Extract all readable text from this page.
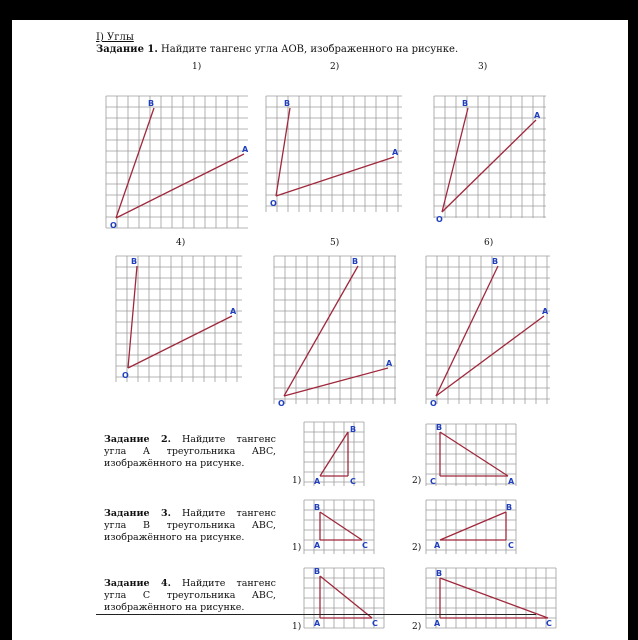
I) Углы
Задание 1. Найдите тангенс угла AOB, изображенного на рисунке.
1)	2)	3)
4)	5)	6)

Задание 2. Найдите тангенс угла A треугольника ABC, изображённого на рисунке.

Задание 3. Найдите тангенс угла B треугольника ABC, изображённого на рисунке.

Задание 4. Найдите тангенс угла C треугольника ABC, изображённого на рисунке.

1)	2)
1)	2)
1)	2)
O
A
B
O
A
B
O
A
B
O
A
B
O
A
B
O
A
B
A
B
C	A
B
C
A
B
C	A
B
C
A
B
C	A
B
C
